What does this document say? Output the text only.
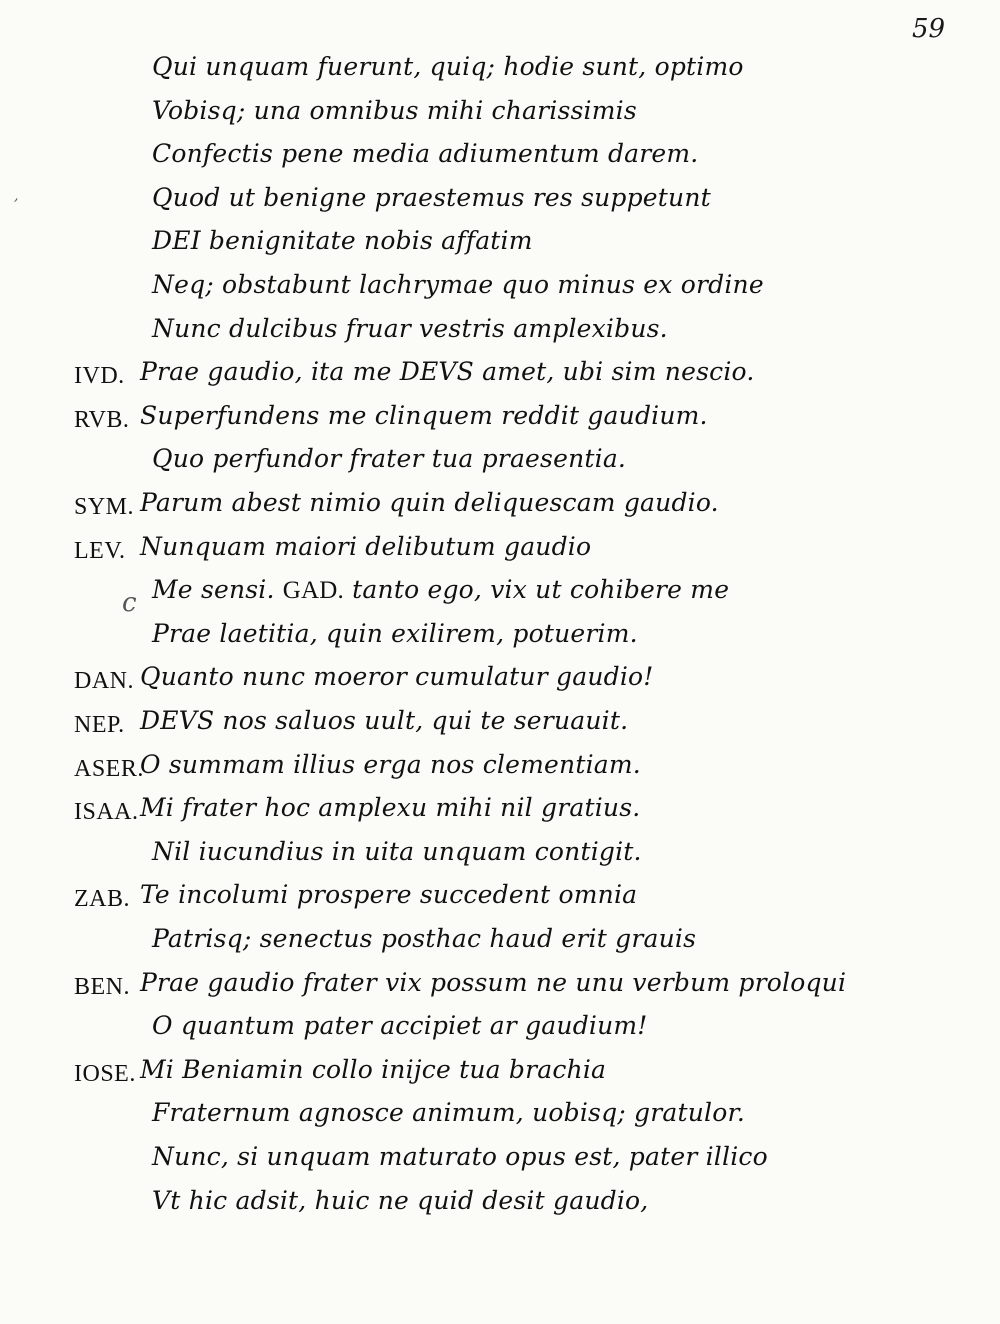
59
Qui unquam fuerunt, quiq; hodie sunt, optimo
Vobisq; una omnibus mihi charissimis
Confectis pene media adiumentum darem.
Quod ut benigne praestemus res suppetunt
DEI benignitate nobis affatim
Neq; obstabunt lachrymae quo minus ex ordine
Nunc dulcibus fruar vestris amplexibus.
IVD. Prae gaudio, ita me DEVS amet, ubi sim nescio.
RVB. Superfundens me clinquem reddit gaudium.
Quo perfundor frater tua praesentia.
SYM. Parum abest nimio quin deliquescam gaudio.
LEV. Nunquam maiori delibutum gaudio
Me sensi. GAD. tanto ego, vix ut cohibere me
Prae laetitia, quin exilirem, potuerim.
DAN. Quanto nunc moeror cumulatur gaudio!
NEP. DEVS nos saluos uult, qui te seruauit.
ASER.
O summam illius erga nos clementiam.
ISAA. Mi frater hoc amplexu mihi nil gratius.
Nil iucundius in uita unquam contigit.
ZAB. Te incolumi prospere succedent omnia
Patrisq; senectus posthac haud erit grauis
BEN. Prae gaudio frater vix possum ne unu verbum proloqui
O quantum pater accipiet ar gaudium!
IOSE. Mi Beniamin collo inijce tua brachia
Fraternum agnosce animum, uobisq; gratulor.
Nunc, si unquam maturato opus est, pater illico
Vt hic adsit, huic ne quid desit gaudio,
,
c
